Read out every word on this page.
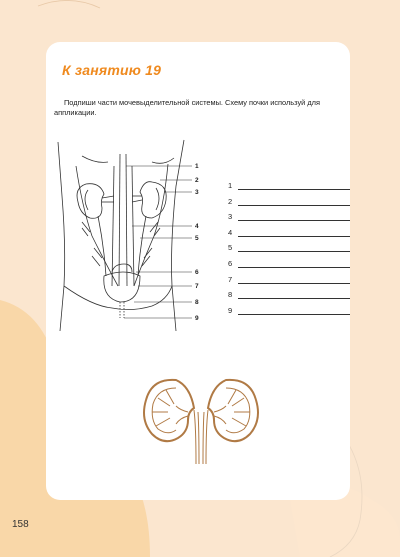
К занятию 19
Подпиши части мочевыделительной системы. Схему почки используй для аппликации.
1
2
3
4
5
6
7
8
9
1
2
3
4
5
6
7
8
9
158
